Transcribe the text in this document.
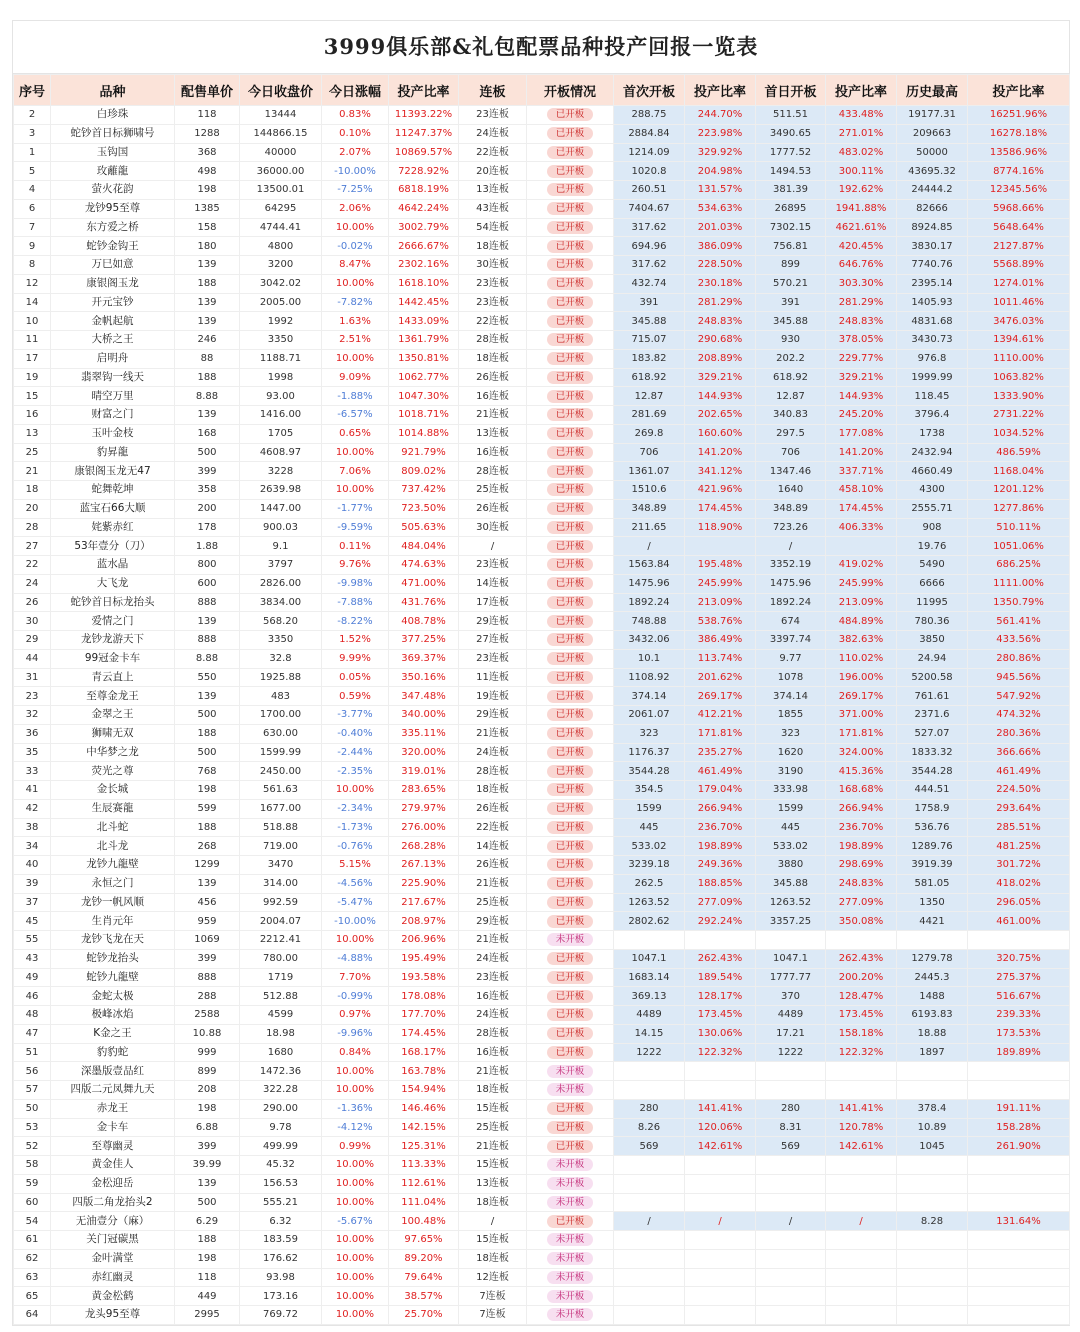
3999俱乐部&礼包配票品种投产回报一览表
序号	品种	配售单价	今日收盘价	今日涨幅	投产比率	连板	开板情况	首次开板	投产比率	首日开板	投产比率	历史最高	投产比率
2	白珍珠	118	13444	0.83%	11393.22%	23连板	已开板	288.75	244.70%	511.51	433.48%	19177.31	16251.96%
3	蛇钞首日标狮啸号	1288	144866.15	0.10%	11247.37%	24连板	已开板	2884.84	223.98%	3490.65	271.01%	209663	16278.18%
1	玉钩国	368	40000	2.07%	10869.57%	22连板	已开板	1214.09	329.92%	1777.52	483.02%	50000	13586.96%
5	玫蘺龍	498	36000.00	-10.00%	7228.92%	20连板	已开板	1020.8	204.98%	1494.53	300.11%	43695.32	8774.16%
4	萤火花韵	198	13500.01	-7.25%	6818.19%	13连板	已开板	260.51	131.57%	381.39	192.62%	24444.2	12345.56%
6	龙钞95至尊	1385	64295	2.06%	4642.24%	43连板	已开板	7404.67	534.63%	26895	1941.88%	82666	5968.66%
7	东方爱之桥	158	4744.41	10.00%	3002.79%	54连板	已开板	317.62	201.03%	7302.15	4621.61%	8924.85	5648.64%
9	蛇钞金钩王	180	4800	-0.02%	2666.67%	18连板	已开板	694.96	386.09%	756.81	420.45%	3830.17	2127.87%
8	万巳如意	139	3200	8.47%	2302.16%	30连板	已开板	317.62	228.50%	899	646.76%	7740.76	5568.89%
12	康银阁玉龙	188	3042.02	10.00%	1618.10%	23连板	已开板	432.74	230.18%	570.21	303.30%	2395.14	1274.01%
14	开元宝钞	139	2005.00	-7.82%	1442.45%	23连板	已开板	391	281.29%	391	281.29%	1405.93	1011.46%
10	金帆起航	139	1992	1.63%	1433.09%	22连板	已开板	345.88	248.83%	345.88	248.83%	4831.68	3476.03%
11	大桥之王	246	3350	2.51%	1361.79%	28连板	已开板	715.07	290.68%	930	378.05%	3430.73	1394.61%
17	启明舟	88	1188.71	10.00%	1350.81%	18连板	已开板	183.82	208.89%	202.2	229.77%	976.8	1110.00%
19	翡翠钩一线天	188	1998	9.09%	1062.77%	26连板	已开板	618.92	329.21%	618.92	329.21%	1999.99	1063.82%
15	晴空万里	8.88	93.00	-1.88%	1047.30%	16连板	已开板	12.87	144.93%	12.87	144.93%	118.45	1333.90%
16	财富之门	139	1416.00	-6.57%	1018.71%	21连板	已开板	281.69	202.65%	340.83	245.20%	3796.4	2731.22%
13	玉叶金枝	168	1705	0.65%	1014.88%	13连板	已开板	269.8	160.60%	297.5	177.08%	1738	1034.52%
25	豹昇龍	500	4608.97	10.00%	921.79%	16连板	已开板	706	141.20%	706	141.20%	2432.94	486.59%
21	康银阁玉龙无47	399	3228	7.06%	809.02%	28连板	已开板	1361.07	341.12%	1347.46	337.71%	4660.49	1168.04%
18	蛇舞乾坤	358	2639.98	10.00%	737.42%	25连板	已开板	1510.6	421.96%	1640	458.10%	4300	1201.12%
20	蓝宝石66大顺	200	1447.00	-1.77%	723.50%	26连板	已开板	348.89	174.45%	348.89	174.45%	2555.71	1277.86%
28	姹紫赤红	178	900.03	-9.59%	505.63%	30连板	已开板	211.65	118.90%	723.26	406.33%	908	510.11%
27	53年壹分（刀）	1.88	9.1	0.11%	484.04%	/	已开板	/		/		19.76	1051.06%
22	蓝水晶	800	3797	9.76%	474.63%	23连板	已开板	1563.84	195.48%	3352.19	419.02%	5490	686.25%
24	大飞龙	600	2826.00	-9.98%	471.00%	14连板	已开板	1475.96	245.99%	1475.96	245.99%	6666	1111.00%
26	蛇钞首日标龙抬头	888	3834.00	-7.88%	431.76%	17连板	已开板	1892.24	213.09%	1892.24	213.09%	11995	1350.79%
30	爱情之门	139	568.20	-8.22%	408.78%	29连板	已开板	748.88	538.76%	674	484.89%	780.36	561.41%
29	龙钞龙游天下	888	3350	1.52%	377.25%	27连板	已开板	3432.06	386.49%	3397.74	382.63%	3850	433.56%
44	99冠金卡车	8.88	32.8	9.99%	369.37%	23连板	已开板	10.1	113.74%	9.77	110.02%	24.94	280.86%
31	青云直上	550	1925.88	0.05%	350.16%	11连板	已开板	1108.92	201.62%	1078	196.00%	5200.58	945.56%
23	至尊金龙王	139	483	0.59%	347.48%	19连板	已开板	374.14	269.17%	374.14	269.17%	761.61	547.92%
32	金翠之王	500	1700.00	-3.77%	340.00%	29连板	已开板	2061.07	412.21%	1855	371.00%	2371.6	474.32%
36	狮啸无双	188	630.00	-0.40%	335.11%	21连板	已开板	323	171.81%	323	171.81%	527.07	280.36%
35	中华梦之龙	500	1599.99	-2.44%	320.00%	24连板	已开板	1176.37	235.27%	1620	324.00%	1833.32	366.66%
33	荧光之尊	768	2450.00	-2.35%	319.01%	28连板	已开板	3544.28	461.49%	3190	415.36%	3544.28	461.49%
41	金长城	198	561.63	10.00%	283.65%	18连板	已开板	354.5	179.04%	333.98	168.68%	444.51	224.50%
42	生辰赛龍	599	1677.00	-2.34%	279.97%	26连板	已开板	1599	266.94%	1599	266.94%	1758.9	293.64%
38	北斗蛇	188	518.88	-1.73%	276.00%	22连板	已开板	445	236.70%	445	236.70%	536.76	285.51%
34	北斗龙	268	719.00	-0.76%	268.28%	14连板	已开板	533.02	198.89%	533.02	198.89%	1289.76	481.25%
40	龙钞九龍壁	1299	3470	5.15%	267.13%	26连板	已开板	3239.18	249.36%	3880	298.69%	3919.39	301.72%
39	永恒之门	139	314.00	-4.56%	225.90%	21连板	已开板	262.5	188.85%	345.88	248.83%	581.05	418.02%
37	龙钞一帆风顺	456	992.59	-5.47%	217.67%	25连板	已开板	1263.52	277.09%	1263.52	277.09%	1350	296.05%
45	生肖元年	959	2004.07	-10.00%	208.97%	29连板	已开板	2802.62	292.24%	3357.25	350.08%	4421	461.00%
55	龙钞飞龙在天	1069	2212.41	10.00%	206.96%	21连板	未开板						
43	蛇钞龙抬头	399	780.00	-4.88%	195.49%	24连板	已开板	1047.1	262.43%	1047.1	262.43%	1279.78	320.75%
49	蛇钞九龍壁	888	1719	7.70%	193.58%	23连板	已开板	1683.14	189.54%	1777.77	200.20%	2445.3	275.37%
46	金蛇太极	288	512.88	-0.99%	178.08%	16连板	已开板	369.13	128.17%	370	128.47%	1488	516.67%
48	极峰冰焰	2588	4599	0.97%	177.70%	24连板	已开板	4489	173.45%	4489	173.45%	6193.83	239.33%
47	K金之王	10.88	18.98	-9.96%	174.45%	28连板	已开板	14.15	130.06%	17.21	158.18%	18.88	173.53%
51	豹豹蛇	999	1680	0.84%	168.17%	16连板	已开板	1222	122.32%	1222	122.32%	1897	189.89%
56	深墨版壹品红	899	1472.36	10.00%	163.78%	21连板	未开板						
57	四版二元凤舞九天	208	322.28	10.00%	154.94%	18连板	未开板						
50	赤龙王	198	290.00	-1.36%	146.46%	15连板	已开板	280	141.41%	280	141.41%	378.4	191.11%
53	金卡车	6.88	9.78	-4.12%	142.15%	25连板	已开板	8.26	120.06%	8.31	120.78%	10.89	158.28%
52	至尊幽灵	399	499.99	0.99%	125.31%	21连板	已开板	569	142.61%	569	142.61%	1045	261.90%
58	黄金佳人	39.99	45.32	10.00%	113.33%	15连板	未开板						
59	金松迎岳	139	156.53	10.00%	112.61%	13连板	未开板						
60	四版二角龙抬头2	500	555.21	10.00%	111.04%	18连板	未开板						
54	无油壹分（麻）	6.29	6.32	-5.67%	100.48%	/	已开板	/	/	/	/	8.28	131.64%
61	关门冠碳黑	188	183.59	10.00%	97.65%	15连板	未开板						
62	金叶满堂	198	176.62	10.00%	89.20%	18连板	未开板						
63	赤红幽灵	118	93.98	10.00%	79.64%	12连板	未开板						
65	黄金松鹤	449	173.16	10.00%	38.57%	7连板	未开板						
64	龙头95至尊	2995	769.72	10.00%	25.70%	7连板	未开板						
